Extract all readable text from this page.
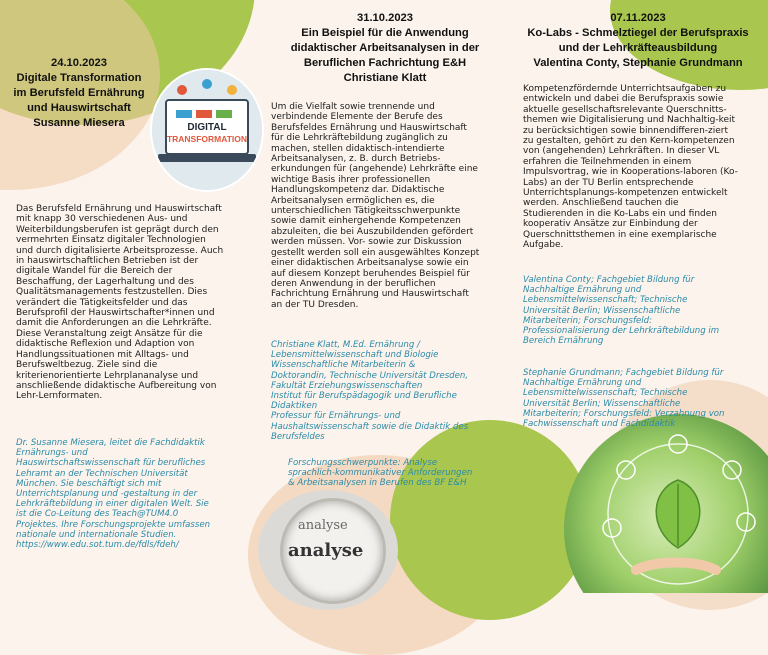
24.10.2023
Digitale Transformation
im Berufsfeld Ernährung
und Hauswirtschaft
Susanne Miesera	DIGITAL
TRANSFORMATION
Das Berufsfeld Ernährung und Hauswirtschaft
mit knapp 30 verschiedenen Aus- und
Weiterbildungsberufen ist geprägt durch den
vermehrten Einsatz digitaler Technologien
und durch digitalisierte Arbeitsprozesse. Auch
in hauswirtschaftlichen Betrieben ist der
digitale Wandel für die Bereich der
Beschaffung, der Lagerhaltung und des
Qualitätsmanagements festzustellen. Dies
verändert die Tätigkeitsfelder und das
Berufsprofil der Hauswirtschafter*innen und
damit die Anforderungen an die Lehrkräfte.
Diese Veranstaltung zeigt Ansätze für die
didaktische Reflexion und Adaption von
Handlungssituationen mit Alltags- und
Berufsweltbezug. Ziele sind die
kriterienorientierte Lehrplananalyse und
anschließende didaktische Aufbereitung von
Lehr-Lernformaten.
Dr. Susanne Miesera, leitet die Fachdidaktik
Ernährungs- und
Hauswirtschaftswissenschaft für berufliches
Lehramt an der Technischen Universität
München. Sie beschäftigt sich mit
Unterrichtsplanung und -gestaltung in der
Lehrkräftebildung in einer digitalen Welt. Sie
ist die Co-Leitung des Teach@TUM4.0
Projektes. Ihre Forschungsprojekte umfassen
nationale und internationale Studien.
https://www.edu.sot.tum.de/fdls/fdeh/
31.10.2023
Ein Beispiel für die Anwendung
didaktischer Arbeitsanalysen in der
Beruflichen Fachrichtung E&H
Christiane Klatt
Um die Vielfalt sowie trennende und
verbindende Elemente der Berufe des
Berufsfeldes Ernährung und Hauswirtschaft
für die Lehrkräftebildung zugänglich zu
machen, stellen didaktisch-intendierte
Arbeitsanalysen, z. B. durch Betriebs-
erkundungen für (angehende) Lehrkräfte eine
wichtige Basis ihrer professionellen
Handlungskompetenz dar. Didaktische
Arbeitsanalysen ermöglichen es, die
unterschiedlichen Tätigkeitsschwerpunkte
sowie damit einhergehende Kompetenzen
abzuleiten, die bei Auszubildenden gefördert
werden müssen. Vor- sowie zur Diskussion
gestellt werden soll ein ausgewähltes Konzept
einer didaktischen Arbeitsanalyse sowie ein
auf diesem Konzept beruhendes Beispiel für
deren Anwendung in der beruflichen
Fachrichtung Ernährung und Hauswirtschaft
an der TU Dresden.
Christiane Klatt, M.Ed. Ernährung /
Lebensmittelwissenschaft und Biologie
Wissenschaftliche Mitarbeiterin &
Doktorandin, Technische Universität Dresden,
Fakultät Erziehungswissenschaften
Institut für Berufspädagogik und Berufliche
Didaktiken
Professur für Ernährungs- und
Haushaltswissenschaft sowie die Didaktik des
Berufsfeldes
Forschungsschwerpunkte: Analyse
sprachlich-kommunikativer Anforderungen
& Arbeitsanalysen in Berufen des BF E&H
analyse
analyse
07.11.2023
Ko-Labs - Schmelztiegel der Berufspraxis
und der Lehrkräfteausbildung
Valentina Conty, Stephanie Grundmann
Kompetenzfördernde Unterrichtsaufgaben zu
entwickeln und dabei die Berufspraxis sowie
aktuelle gesellschaftsrelevante Querschnitts-
themen wie Digitalisierung und Nachhaltig-keit
zu berücksichtigen sowie binnendifferen-ziert
zu gestalten, gehört zu den Kern-kompetenzen
von (angehenden) Lehrkräften. In dieser VL
erfahren die Teilnehmenden in einem
Impulsvortrag, wie in Kooperations-laboren (Ko-
Labs) an der TU Berlin entsprechende
Unterrichtsplanungs-kompetenzen entwickelt
werden. Anschließend tauchen die
Studierenden in die Ko-Labs ein und finden
kooperativ Ansätze zur Einbindung der
Querschnittsthemen in eine exemplarische
Aufgabe.
Valentina Conty; Fachgebiet Bildung für
Nachhaltige Ernährung und
Lebensmittelwissenschaft; Technische
Universität Berlin; Wissenschaftliche
Mitarbeiterin; Forschungsfeld:
Professionalisierung der Lehrkräftebildung im
Bereich Ernährung
Stephanie Grundmann; Fachgebiet Bildung für
Nachhaltige Ernährung und
Lebensmittelwissenschaft; Technische
Universität Berlin; Wissenschaftliche
Mitarbeiterin; Forschungsfeld: Verzahnung von
Fachwissenschaft und Fachdidaktik
